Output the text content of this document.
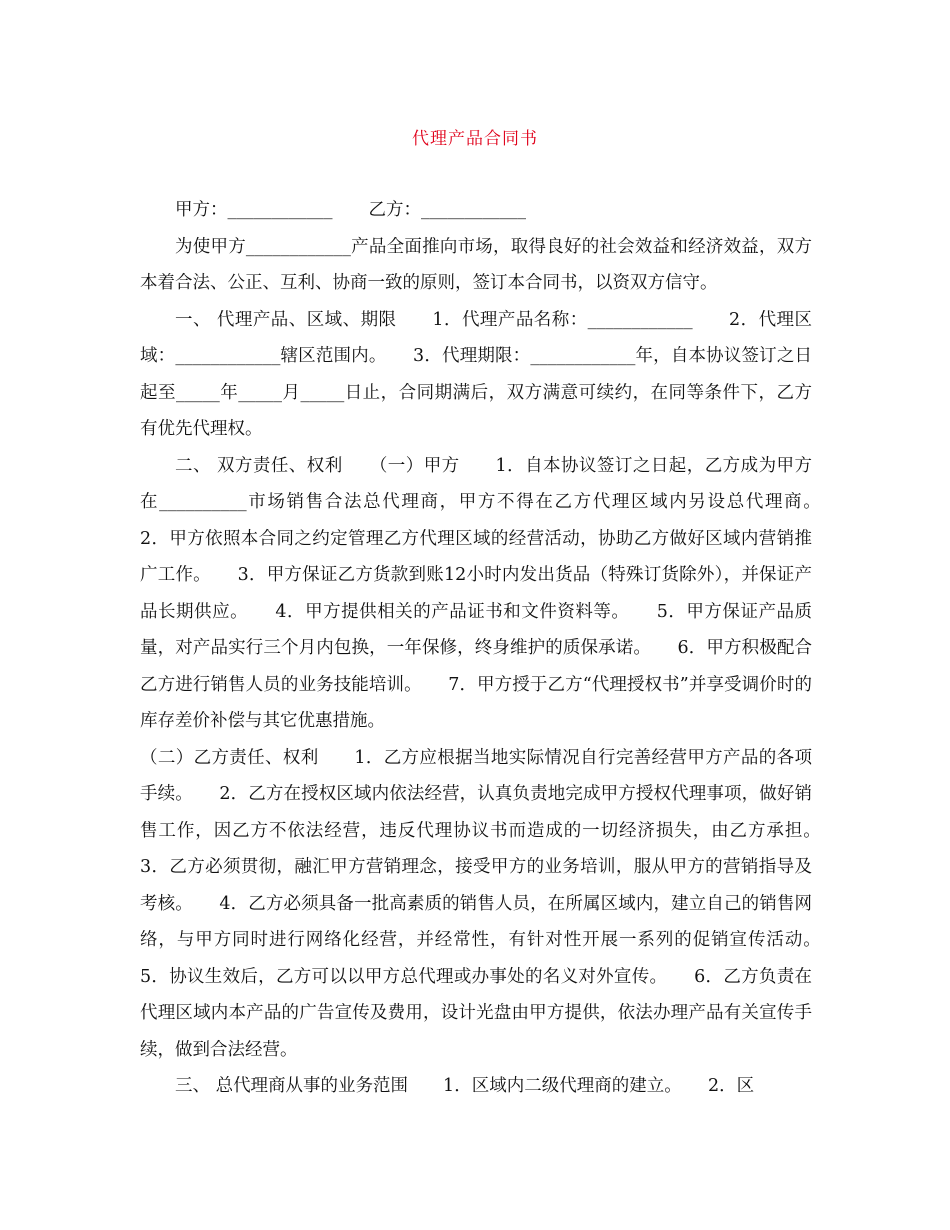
代理产品合同书

甲方：____________ 乙方：____________

为使甲方____________产品全面推向市场，取得良好的社会效益和经济效益，双方本着合法、公正、互利、协商一致的原则，签订本合同书，以资双方信守。

一、 代理产品、区域、期限　　1．代理产品名称：____________　　2．代理区域：____________辖区范围内。　　3．代理期限：____________年，自本协议签订之日起至_____年_____月_____日止，合同期满后，双方满意可续约，在同等条件下，乙方有优先代理权。

二、 双方责任、权利　　（一）甲方　　1．自本协议签订之日起，乙方成为甲方在__________市场销售合法总代理商，甲方不得在乙方代理区域内另设总代理商。　　2．甲方依照本合同之约定管理乙方代理区域的经营活动，协助乙方做好区域内营销推广工作。　　3．甲方保证乙方货款到账12小时内发出货品（特殊订货除外），并保证产品长期供应。　　4．甲方提供相关的产品证书和文件资料等。　　5．甲方保证产品质量，对产品实行三个月内包换，一年保修，终身维护的质保承诺。　　6．甲方积极配合乙方进行销售人员的业务技能培训。　　7．甲方授于乙方“代理授权书”并享受调价时的库存差价补偿与其它优惠措施。

（二）乙方责任、权利　　1．乙方应根据当地实际情况自行完善经营甲方产品的各项手续。　　2．乙方在授权区域内依法经营，认真负责地完成甲方授权代理事项，做好销售工作，因乙方不依法经营，违反代理协议书而造成的一切经济损失，由乙方承担。　　3．乙方必须贯彻，融汇甲方营销理念，接受甲方的业务培训，服从甲方的营销指导及考核。　　4．乙方必须具备一批高素质的销售人员，在所属区域内，建立自己的销售网络，与甲方同时进行网络化经营，并经常性，有针对性开展一系列的促销宣传活动。　　5．协议生效后，乙方可以以甲方总代理或办事处的名义对外宣传。　　6．乙方负责在代理区域内本产品的广告宣传及费用，设计光盘由甲方提供，依法办理产品有关宣传手续，做到合法经营。

三、 总代理商从事的业务范围　　1．区域内二级代理商的建立。　　2．区
